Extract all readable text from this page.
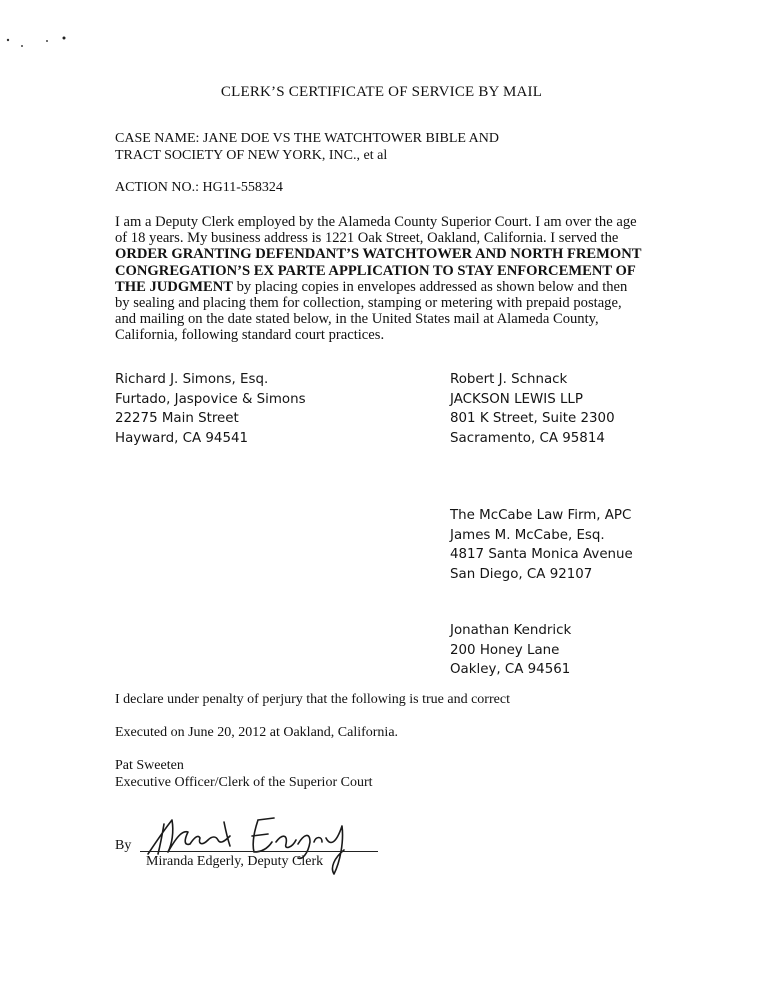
CLERK’S CERTIFICATE OF SERVICE BY MAIL
CASE NAME: JANE DOE VS THE WATCHTOWER BIBLE AND
TRACT SOCIETY OF NEW YORK, INC., et al
ACTION NO.: HG11-558324
I am a Deputy Clerk employed by the Alameda County Superior Court. I am over the age of 18 years. My business address is 1221 Oak Street, Oakland, California. I served the ORDER GRANTING DEFENDANT’S WATCHTOWER AND NORTH FREMONT CONGREGATION’S EX PARTE APPLICATION TO STAY ENFORCEMENT OF THE JUDGMENT by placing copies in envelopes addressed as shown below and then by sealing and placing them for collection, stamping or metering with prepaid postage, and mailing on the date stated below, in the United States mail at Alameda County, California, following standard court practices.
Richard J. Simons, Esq.
Furtado, Jaspovice & Simons
22275 Main Street
Hayward, CA 94541
Robert J. Schnack
JACKSON LEWIS LLP
801 K Street, Suite 2300
Sacramento, CA 95814
The McCabe Law Firm, APC
James M. McCabe, Esq.
4817 Santa Monica Avenue
San Diego, CA 92107
Jonathan Kendrick
200 Honey Lane
Oakley, CA 94561
I declare under penalty of perjury that the following is true and correct
Executed on June 20, 2012 at Oakland, California.
Pat Sweeten
Executive Officer/Clerk of the Superior Court
By
Miranda Edgerly, Deputy Clerk
